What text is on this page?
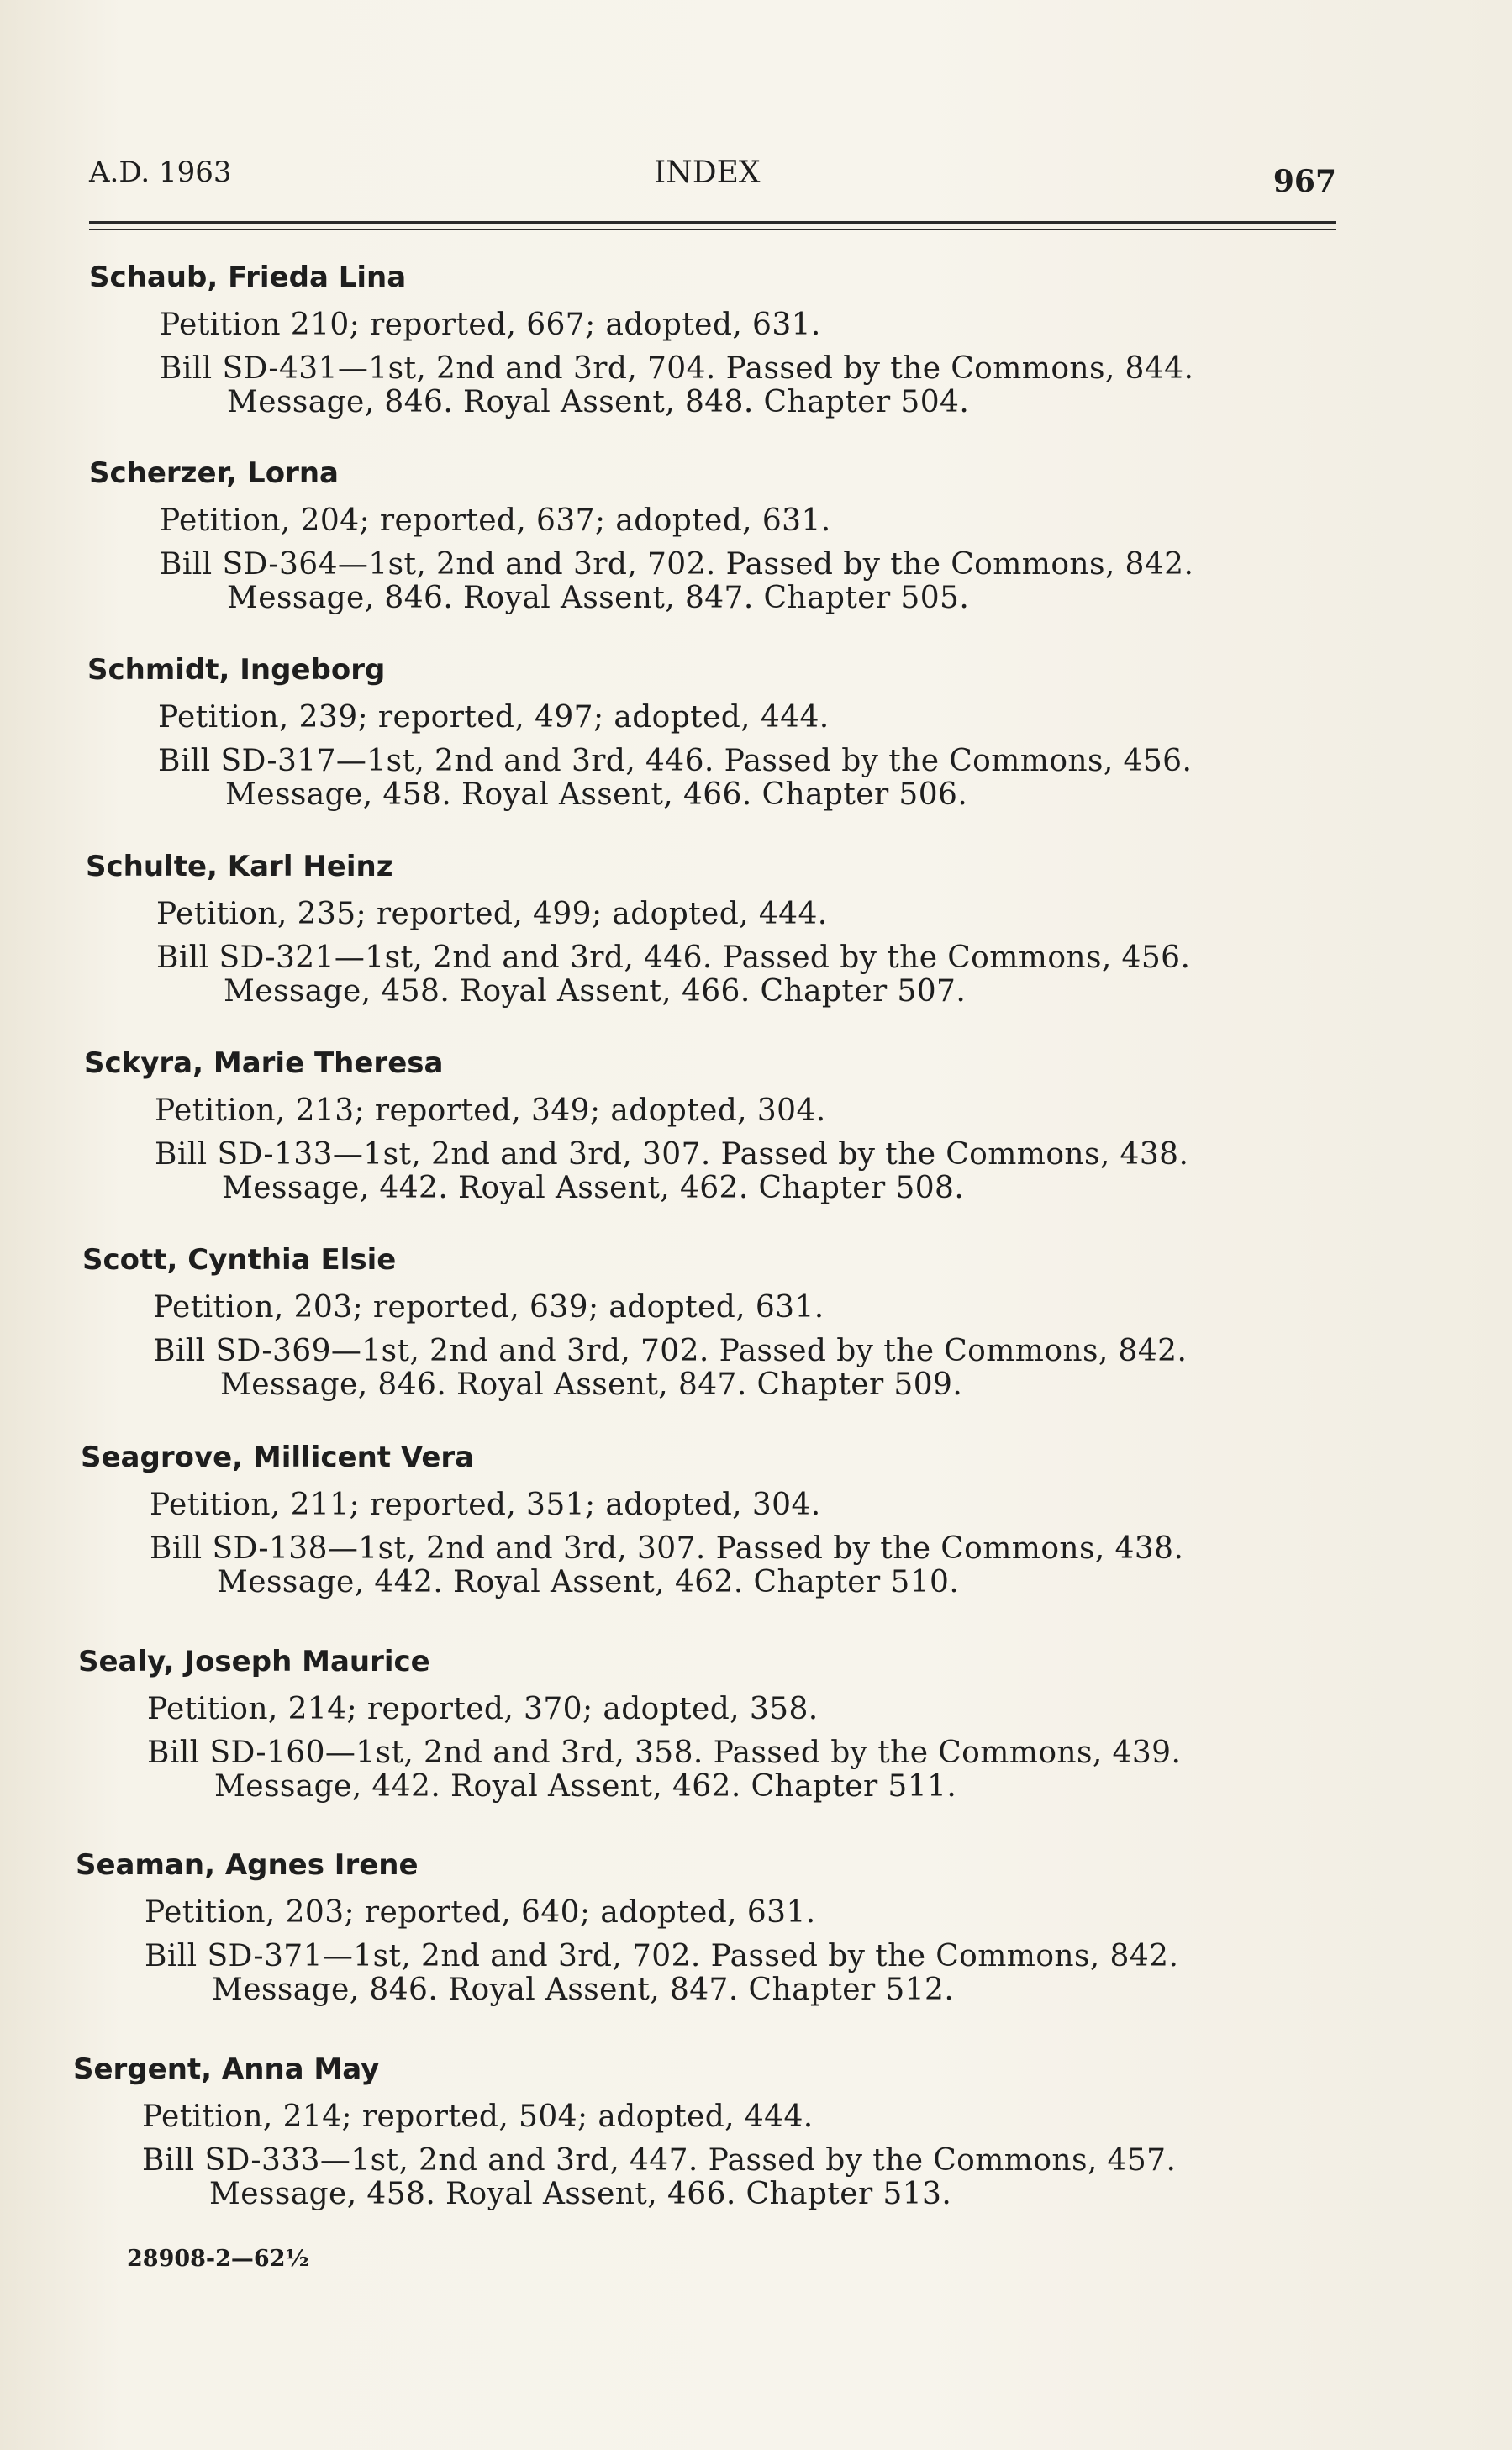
A.D. 1963	INDEX	967
Schaub, Frieda Lina
Petition 210; reported, 667; adopted, 631.
Bill SD-431—1st, 2nd and 3rd, 704. Passed by the Commons, 844.
Message, 846. Royal Assent, 848. Chapter 504.
Scherzer, Lorna
Petition, 204; reported, 637; adopted, 631.
Bill SD-364—1st, 2nd and 3rd, 702. Passed by the Commons, 842.
Message, 846. Royal Assent, 847. Chapter 505.
Schmidt, Ingeborg
Petition, 239; reported, 497; adopted, 444.
Bill SD-317—1st, 2nd and 3rd, 446. Passed by the Commons, 456.
Message, 458. Royal Assent, 466. Chapter 506.
Schulte, Karl Heinz
Petition, 235; reported, 499; adopted, 444.
Bill SD-321—1st, 2nd and 3rd, 446. Passed by the Commons, 456.
Message, 458. Royal Assent, 466. Chapter 507.
Sckyra, Marie Theresa
Petition, 213; reported, 349; adopted, 304.
Bill SD-133—1st, 2nd and 3rd, 307. Passed by the Commons, 438.
Message, 442. Royal Assent, 462. Chapter 508.
Scott, Cynthia Elsie
Petition, 203; reported, 639; adopted, 631.
Bill SD-369—1st, 2nd and 3rd, 702. Passed by the Commons, 842.
Message, 846. Royal Assent, 847. Chapter 509.
Seagrove, Millicent Vera
Petition, 211; reported, 351; adopted, 304.
Bill SD-138—1st, 2nd and 3rd, 307. Passed by the Commons, 438.
Message, 442. Royal Assent, 462. Chapter 510.
Sealy, Joseph Maurice
Petition, 214; reported, 370; adopted, 358.
Bill SD-160—1st, 2nd and 3rd, 358. Passed by the Commons, 439.
Message, 442. Royal Assent, 462. Chapter 511.
Seaman, Agnes Irene
Petition, 203; reported, 640; adopted, 631.
Bill SD-371—1st, 2nd and 3rd, 702. Passed by the Commons, 842.
Message, 846. Royal Assent, 847. Chapter 512.
Sergent, Anna May
Petition, 214; reported, 504; adopted, 444.
Bill SD-333—1st, 2nd and 3rd, 447. Passed by the Commons, 457.
Message, 458. Royal Assent, 466. Chapter 513.
28908-2—62½
